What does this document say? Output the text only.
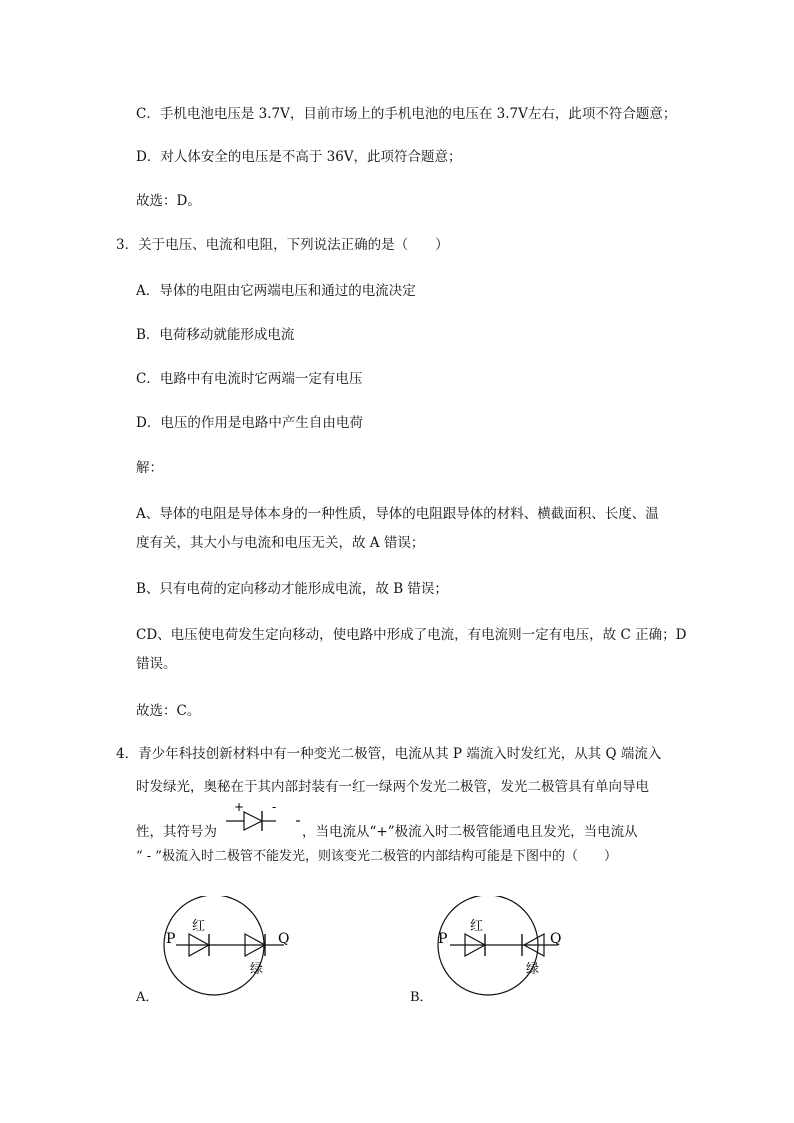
C．手机电池电压是 3.7V，目前市场上的手机电池的电压在 3.7V左右，此项不符合题意；
D．对人体安全的电压是不高于 36V，此项符合题意；
故选：D。
3．关于电压、电流和电阻，下列说法正确的是（　　）
A．导体的电阻由它两端电压和通过的电流决定
B．电荷移动就能形成电流
C．电路中有电流时它两端一定有电压
D．电压的作用是电路中产生自由电荷
解：
A、导体的电阻是导体本身的一种性质，导体的电阻跟导体的材料、横截面积、长度、温
度有关，其大小与电流和电压无关，故 A 错误；
B、只有电荷的定向移动才能形成电流，故 B 错误；
CD、电压使电荷发生定向移动，使电路中形成了电流，有电流则一定有电压，故 C 正确；D
错误。
故选：C。
4．青少年科技创新材料中有一种变光二极管，电流从其 P 端流入时发红光，从其 Q 端流入
时发绿光，奥秘在于其内部封装有一红一绿两个发光二极管，发光二极管具有单向导电
性，其符号为
+ -
，当电流从“+”极流入时二极管能通电且发光，当电流从
“ - ”极流入时二极管不能发光，则该变光二极管的内部结构可能是下图中的（　　）
P	Q
红
绿
A．
P	Q
红
绿
B．
